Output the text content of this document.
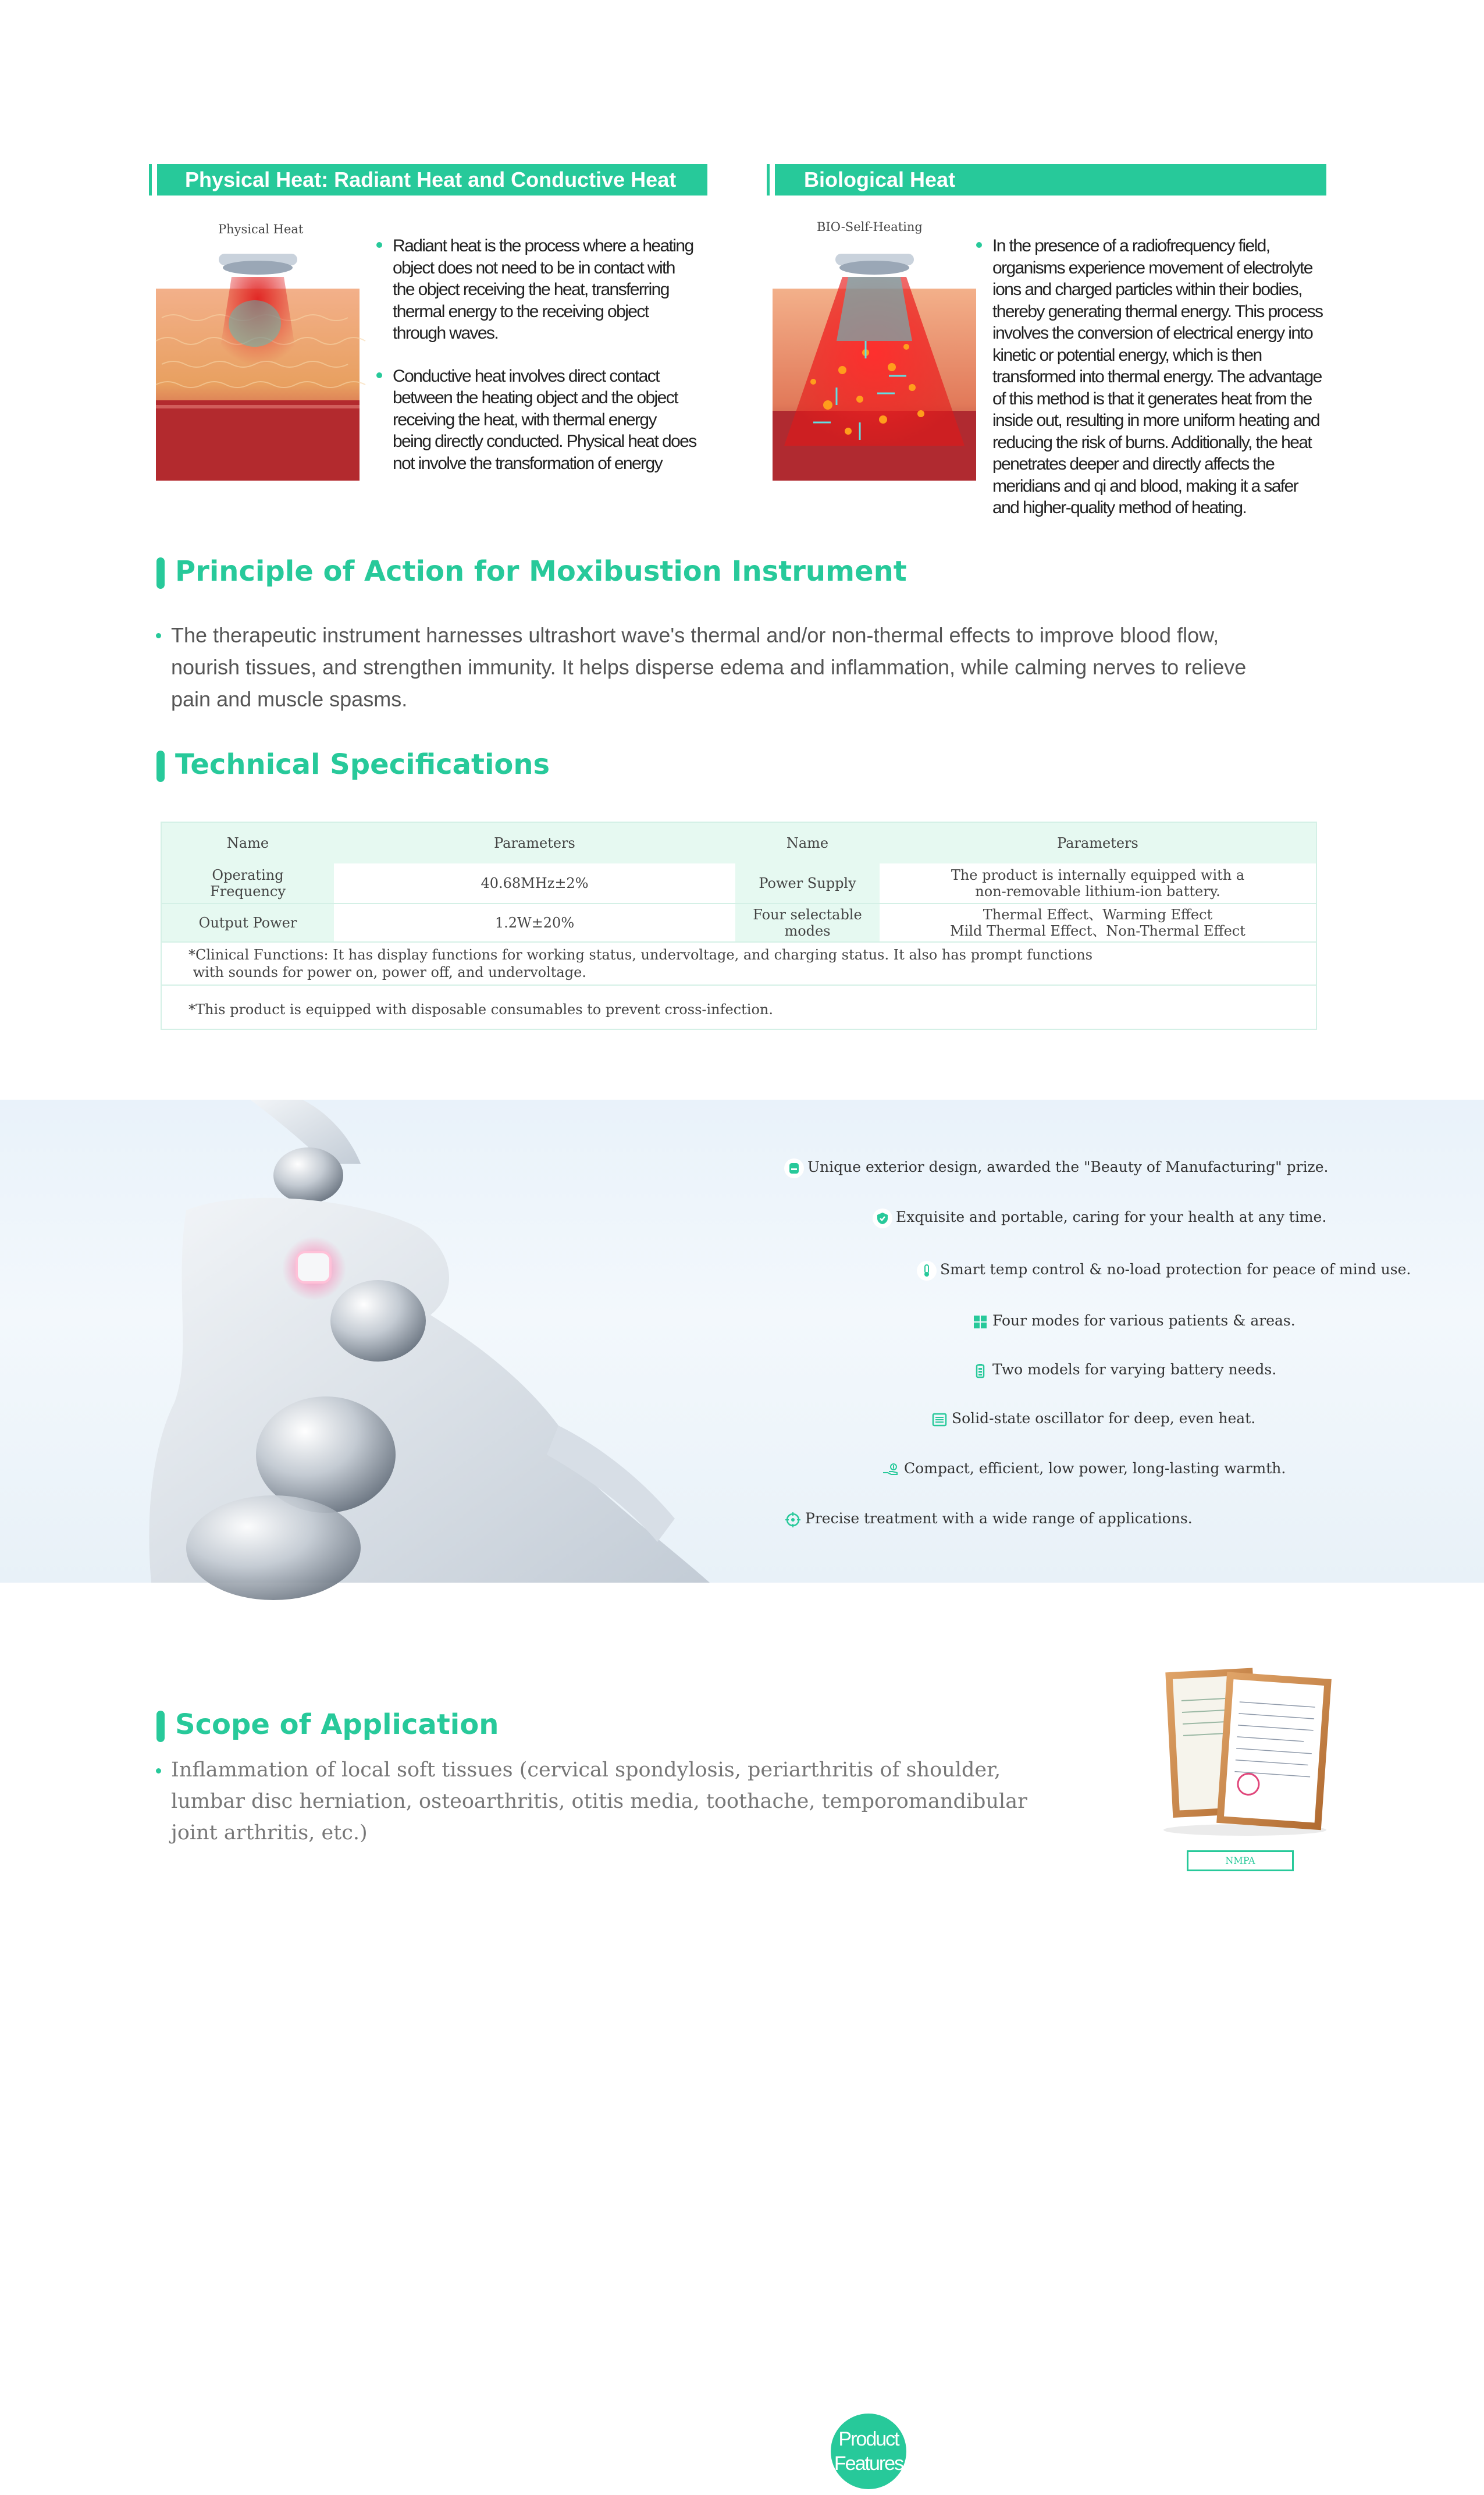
Physical Heat: Radiant Heat and Conductive Heat
Physical Heat

Radiant heat is the process where a heating
object does not need to be in contact with
the object receiving the heat, transferring
thermal energy to the receiving object
through waves.

Conductive heat involves direct contact
between the heating object and the object
receiving the heat, with thermal energy
being directly conducted. Physical heat does
not involve the transformation of energy

Biological Heat
BIO-Self-Heating

In the presence of a radiofrequency field,
organisms experience movement of electrolyte
ions and charged particles within their bodies,
thereby generating thermal energy. This process
involves the conversion of electrical energy into
kinetic or potential energy, which is then
transformed into thermal energy. The advantage
of this method is that it generates heat from the
inside out, resulting in more uniform heating and
reducing the risk of burns. Additionally, the heat
penetrates deeper and directly affects the
meridians and qi and blood, making it a safer
and higher-quality method of heating.

Principle of Action for Moxibustion Instrument
The therapeutic instrument harnesses ultrashort wave's thermal and/or non-thermal effects to improve blood flow,
nourish tissues, and strengthen immunity. It helps disperse edema and inflammation, while calming nerves to relieve
pain and muscle spasms.
Technical Specifications
Name	Parameters	Name	Parameters
Operating
Frequency	40.68MHz±2%	Power Supply	The product is internally equipped with a
non-removable lithium-ion battery.
Output Power	1.2W±20%	Four selectable
modes
Thermal Effect、Warming Effect
Mild Thermal Effect、Non-Thermal Effect
*Clinical Functions: It has display functions for working status, undervoltage, and charging status. It also has prompt functions
with sounds for power on, power off, and undervoltage.
*This product is equipped with disposable consumables to prevent cross-infection.
Product
Features
Unique exterior design, awarded the "Beauty of Manufacturing" prize.
Exquisite and portable, caring for your health at any time.
Smart temp control & no-load protection for peace of mind use.
Four modes for various patients & areas.
Two models for varying battery needs.
Solid-state oscillator for deep, even heat.
Compact, efficient, low power, long-lasting warmth.
Precise treatment with a wide range of applications.
Scope of Application
Inflammation of local soft tissues (cervical spondylosis, periarthritis of shoulder,
lumbar disc herniation, osteoarthritis, otitis media, toothache, temporomandibular
joint arthritis, etc.)
NMPA
